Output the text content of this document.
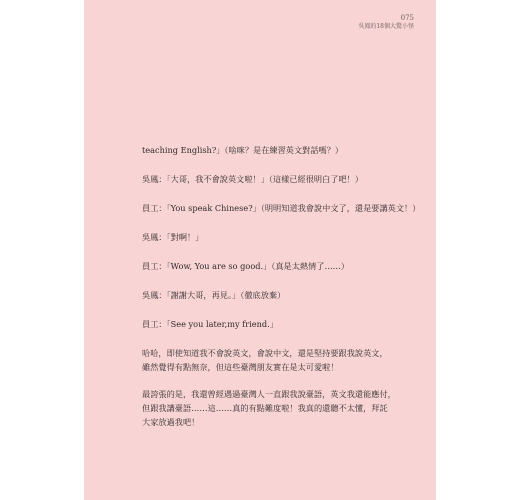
075
吳鳳的18個大驚小怪

teaching English?」（啥咪？是在練習英文對話嗎？）

吳鳳：「大哥，我不會說英文啦！」（這樣已經很明白了吧！）

員工：「You speak Chinese?」（明明知道我會說中文了，還是要講英文！）

吳鳳：「對啊！」

員工：「Wow, You are so good.」（真是太熱情了……）

吳鳳：「謝謝大哥，再見。」（徹底放棄）

員工：「See you later,my friend.」

哈哈，即使知道我不會說英文，會說中文，還是堅持要跟我說英文，
雖然覺得有點無奈，但這些臺灣朋友實在是太可愛啦！
最誇張的是，我還曾經遇過臺灣人一直跟我說臺語，英文我還能應付，
但跟我講臺語……這……真的有點難度啦！我真的還聽不太懂，拜託
大家放過我吧！
